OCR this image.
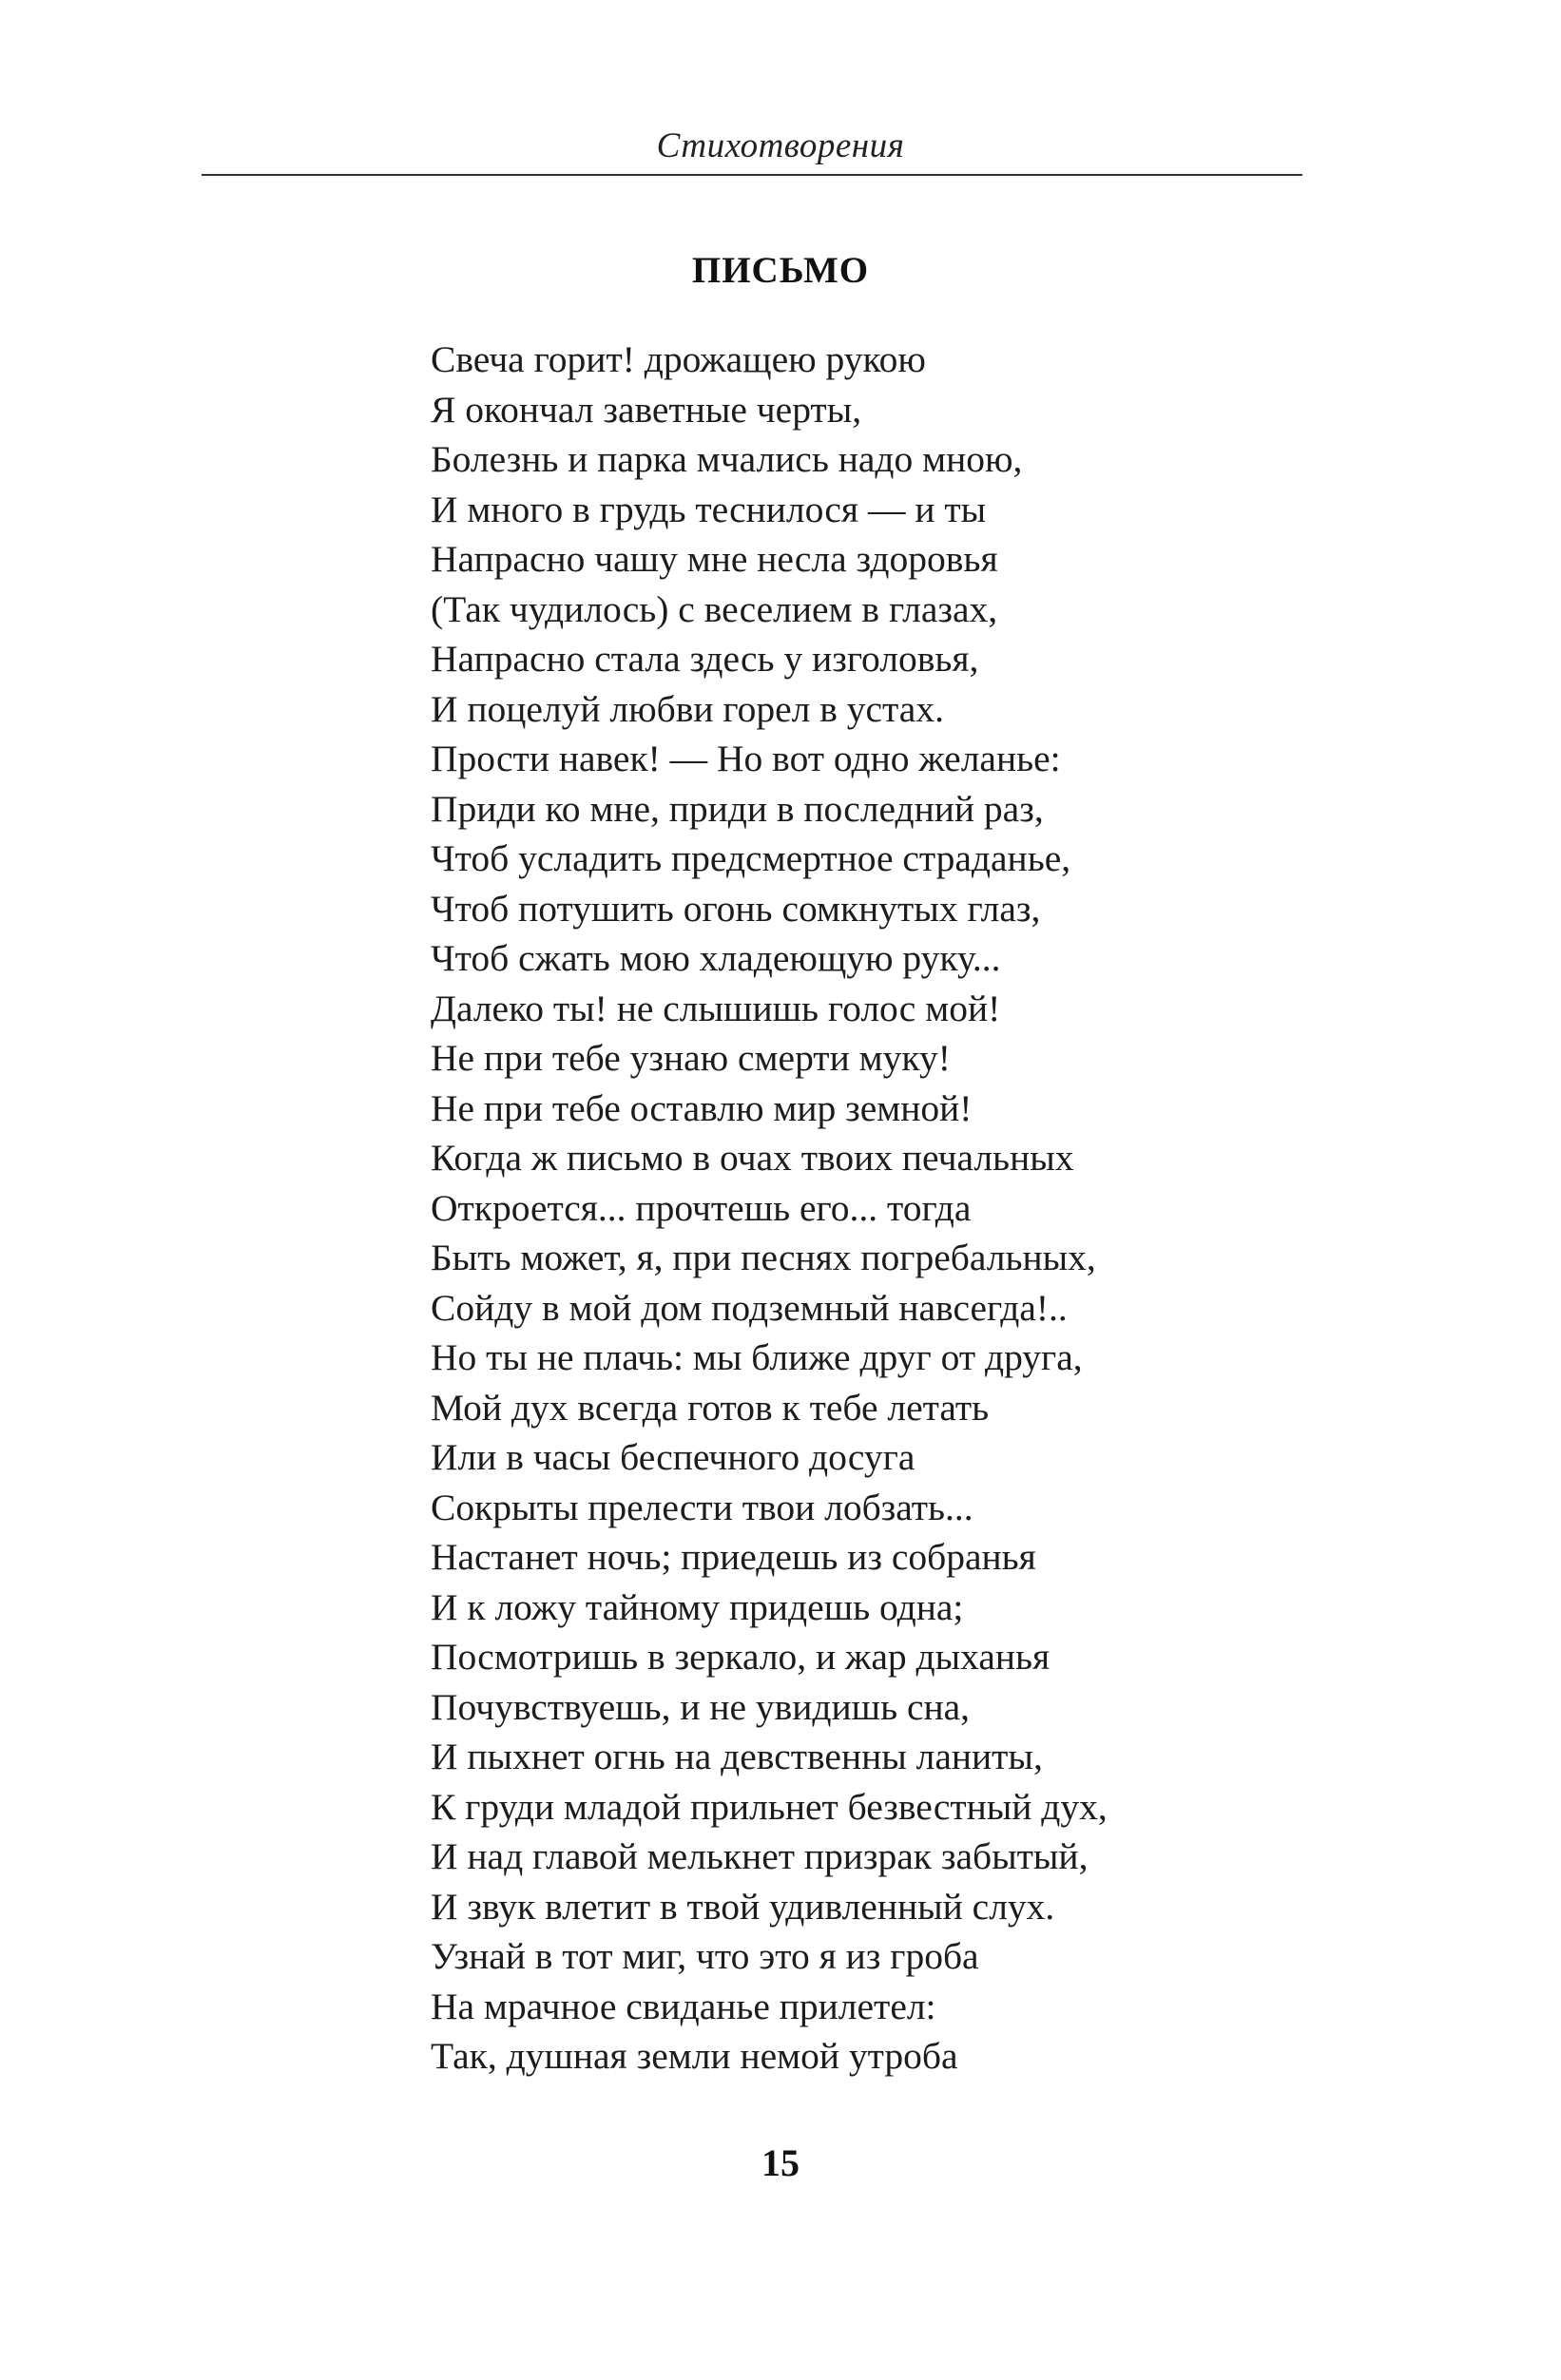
Стихотворения
ПИСЬМО
Свеча горит! дрожащею рукою
Я окончал заветные черты,
Болезнь и парка мчались надо мною,
И много в грудь теснилося — и ты
Напрасно чашу мне несла здоровья
(Так чудилось) с веселием в глазах,
Напрасно стала здесь у изголовья,
И поцелуй любви горел в устах.
Прости навек! — Но вот одно желанье:
Приди ко мне, приди в последний раз,
Чтоб усладить предсмертное страданье,
Чтоб потушить огонь сомкнутых глаз,
Чтоб сжать мою хладеющую руку...
Далеко ты! не слышишь голос мой!
Не при тебе узнаю смерти муку!
Не при тебе оставлю мир земной!
Когда ж письмо в очах твоих печальных
Откроется... прочтешь его... тогда
Быть может, я, при песнях погребальных,
Сойду в мой дом подземный навсегда!..
Но ты не плачь: мы ближе друг от друга,
Мой дух всегда готов к тебе летать
Или в часы беспечного досуга
Сокрыты прелести твои лобзать...
Настанет ночь; приедешь из собранья
И к ложу тайному придешь одна;
Посмотришь в зеркало, и жар дыханья
Почувствуешь, и не увидишь сна,
И пыхнет огнь на девственны ланиты,
К груди младой прильнет безвестный дух,
И над главой мелькнет призрак забытый,
И звук влетит в твой удивленный слух.
Узнай в тот миг, что это я из гроба
На мрачное свиданье прилетел:
Так, душная земли немой утроба
15
